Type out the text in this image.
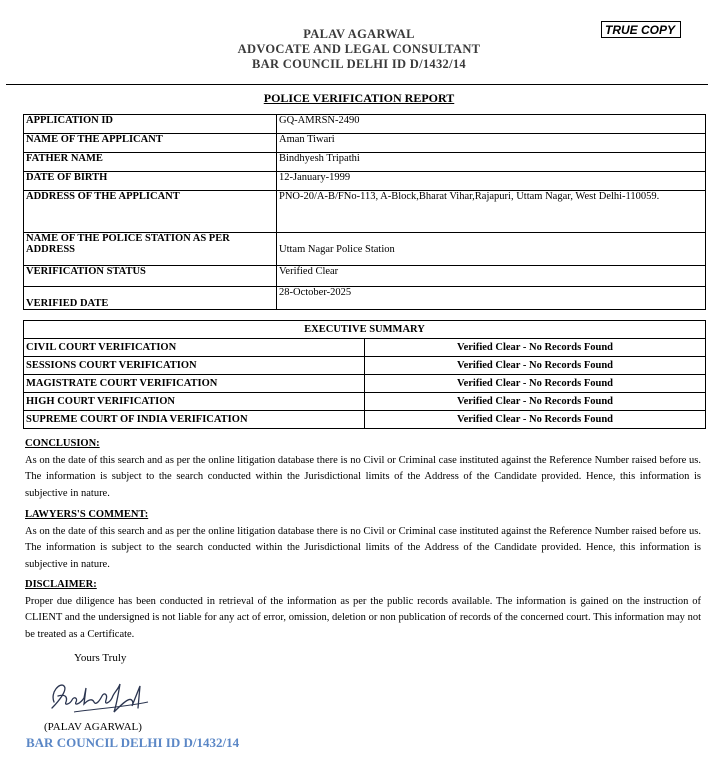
PALAV AGARWAL
ADVOCATE AND LEGAL CONSULTANT
BAR COUNCIL DELHI ID D/1432/14
TRUE COPY
POLICE VERIFICATION REPORT
APPLICATION ID	GQ-AMRSN-2490
NAME OF THE APPLICANT	Aman Tiwari
FATHER NAME	Bindhyesh Tripathi
DATE OF BIRTH	12-January-1999
ADDRESS OF THE APPLICANT	PNO-20/A-B/FNo-113, A-Block,Bharat Vihar,Rajapuri, Uttam Nagar, West Delhi-110059.
NAME OF THE POLICE STATION AS PER ADDRESS	Uttam Nagar Police Station
VERIFICATION STATUS	Verified Clear
VERIFIED DATE	28-October-2025
EXECUTIVE SUMMARY	
CIVIL COURT VERIFICATION	Verified Clear - No Records Found
SESSIONS COURT VERIFICATION	Verified Clear - No Records Found
MAGISTRATE COURT VERIFICATION	Verified Clear - No Records Found
HIGH COURT VERIFICATION	Verified Clear - No Records Found
SUPREME COURT OF INDIA VERIFICATION	Verified Clear - No Records Found
CONCLUSION:

As on the date of this search and as per the online litigation database there is no Civil or Criminal case instituted against the Reference Number raised before us. The information is subject to the search conducted within the Jurisdictional limits of the Address of the Candidate provided. Hence, this information is subjective in nature.

LAWYERS'S COMMENT:

As on the date of this search and as per the online litigation database there is no Civil or Criminal case instituted against the Reference Number raised before us. The information is subject to the search conducted within the Jurisdictional limits of the Address of the Candidate provided. Hence, this information is subjective in nature.

DISCLAIMER:

Proper due diligence has been conducted in retrieval of the information as per the public records available. The information is gained on the instruction of CLIENT and the undersigned is not liable for any act of error, omission, deletion or non publication of records of the concerned court. This information may not be treated as a Certificate.

Yours Truly
(PALAV AGARWAL)
BAR COUNCIL DELHI ID D/1432/14
